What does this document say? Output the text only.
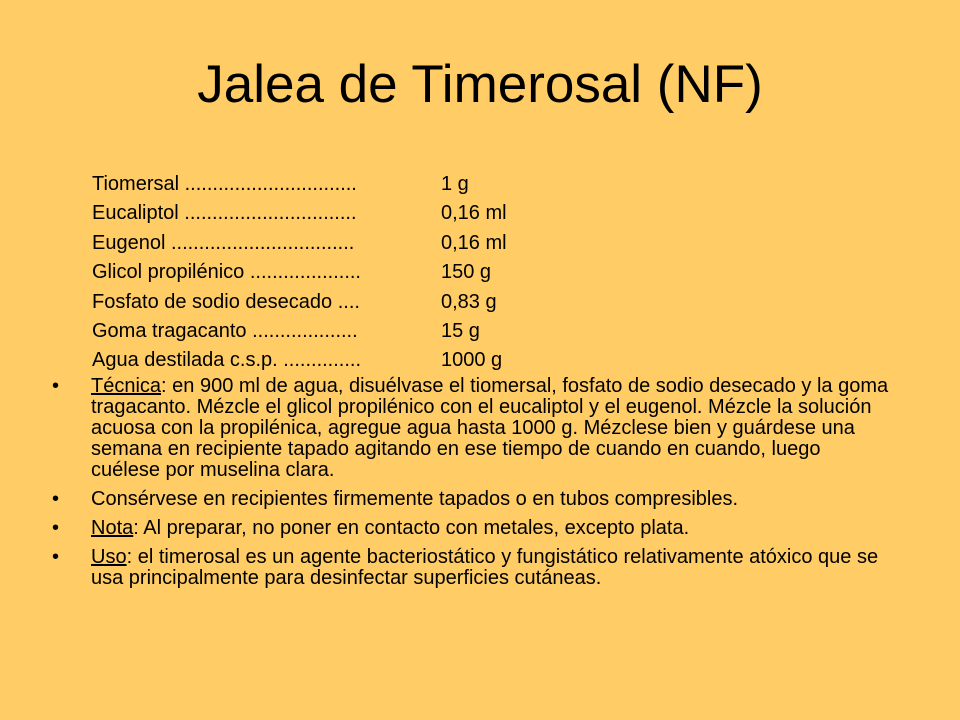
Jalea de Timerosal (NF)
Tiomersal ...............................	1 g
Eucaliptol ...............................	0,16 ml
Eugenol .................................	0,16 ml
Glicol propilénico ....................	150 g
Fosfato de sodio desecado ....	0,83 g
Goma tragacanto ...................	15 g
Agua destilada c.s.p. ..............	1000 g
• Técnica: en 900 ml de agua, disuélvase el tiomersal, fosfato de sodio desecado y la goma tragacanto. Mézcle el glicol propilénico con el eucaliptol y el eugenol. Mézcle la solución acuosa con la propilénica, agregue agua hasta 1000 g. Mézclese bien y guárdese una semana en recipiente tapado agitando en ese tiempo de cuando en cuando, luego cuélese por muselina clara.
• Consérvese en recipientes firmemente tapados o en tubos compresibles.
• Nota: Al preparar, no poner en contacto con metales, excepto plata.
• Uso: el timerosal es un agente bacteriostático y fungistático relativamente atóxico que se usa principalmente para desinfectar superficies cutáneas.
